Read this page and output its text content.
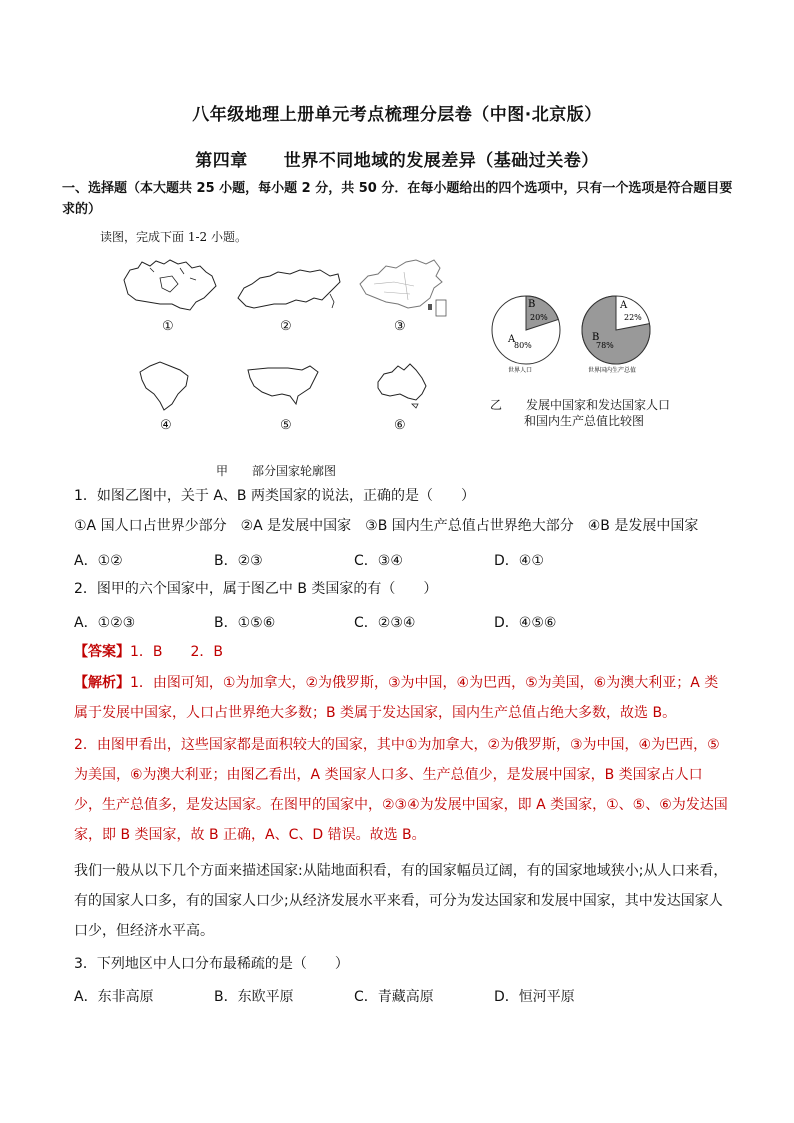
八年级地理上册单元考点梳理分层卷（中图·北京版）
第四章 世界不同地域的发展差异（基础过关卷）
一、选择题（本大题共 25 小题，每小题 2 分，共 50 分．在每小题给出的四个选项中，只有一个选项是符合题目要求的）
读图，完成下面 1-2 小题。
①	②	③
④	⑤	⑥
甲　　部分国家轮廓图
A
80%
B
20%
世界人口
A
22%
B
78%
世界国内生产总值
乙　　发展中国家和发达国家人口
和国内生产总值比较图
1．如图乙图中，关于 A、B 两类国家的说法，正确的是（　　）
①A 国人口占世界少部分　②A 是发展中国家　③B 国内生产总值占世界绝大部分　④B 是发展中国家
A．①②	B．②③	C．③④	D．④①
2．图甲的六个国家中，属于图乙中 B 类国家的有（　　）
A．①②③	B．①⑤⑥	C．②③④	D．④⑤⑥
【答案】1．B　　2．B
【解析】1．由图可知，①为加拿大，②为俄罗斯，③为中国，④为巴西，⑤为美国，⑥为澳大利亚；A 类属于发展中国家，人口占世界绝大多数；B 类属于发达国家，国内生产总值占绝大多数，故选 B。
2．由图甲看出，这些国家都是面积较大的国家，其中①为加拿大，②为俄罗斯，③为中国，④为巴西，⑤为美国，⑥为澳大利亚；由图乙看出，A 类国家人口多、生产总值少，是发展中国家，B 类国家占人口少，生产总值多，是发达国家。在图甲的国家中，②③④为发展中国家，即 A 类国家，①、⑤、⑥为发达国家，即 B 类国家，故 B 正确，A、C、D 错误。故选 B。
我们一般从以下几个方面来描述国家:从陆地面积看，有的国家幅员辽阔，有的国家地域狭小;从人口来看，有的国家人口多，有的国家人口少;从经济发展水平来看，可分为发达国家和发展中国家，其中发达国家人口少，但经济水平高。
3．下列地区中人口分布最稀疏的是（　　）
A．东非高原	B．东欧平原	C．青藏高原	D．恒河平原
